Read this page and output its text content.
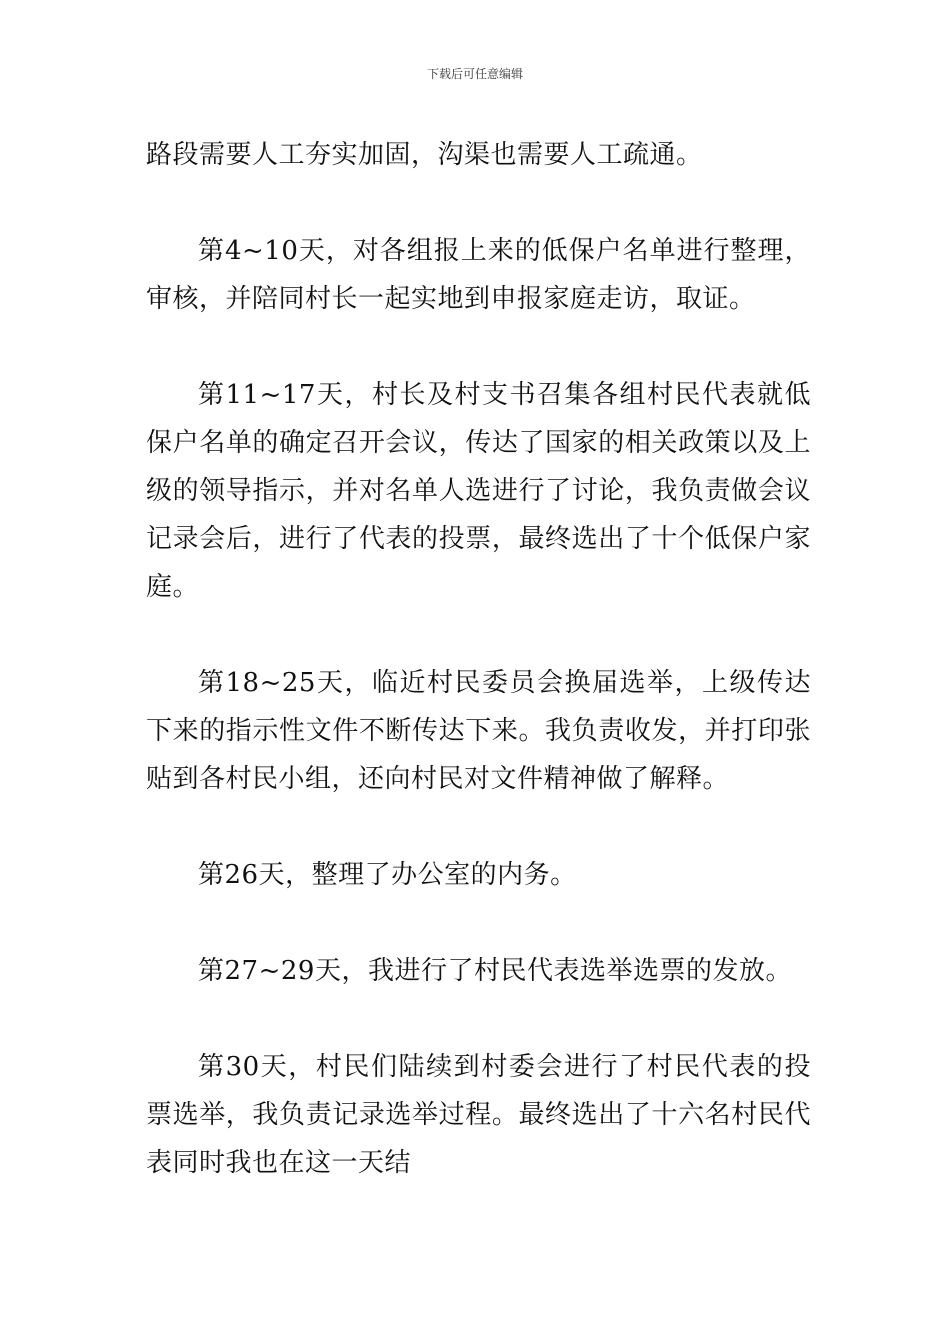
下载后可任意编辑

路段需要人工夯实加固，沟渠也需要人工疏通。

第4~10天，对各组报上来的低保户名单进行整理，审核，并陪同村长一起实地到申报家庭走访，取证。

第11~17天，村长及村支书召集各组村民代表就低保户名单的确定召开会议，传达了国家的相关政策以及上级的领导指示，并对名单人选进行了讨论，我负责做会议记录会后，进行了代表的投票，最终选出了十个低保户家庭。

第18~25天，临近村民委员会换届选举，上级传达下来的指示性文件不断传达下来。我负责收发，并打印张贴到各村民小组，还向村民对文件精神做了解释。

第26天，整理了办公室的内务。

第27~29天，我进行了村民代表选举选票的发放。

第30天，村民们陆续到村委会进行了村民代表的投票选举，我负责记录选举过程。最终选出了十六名村民代表同时我也在这一天结
